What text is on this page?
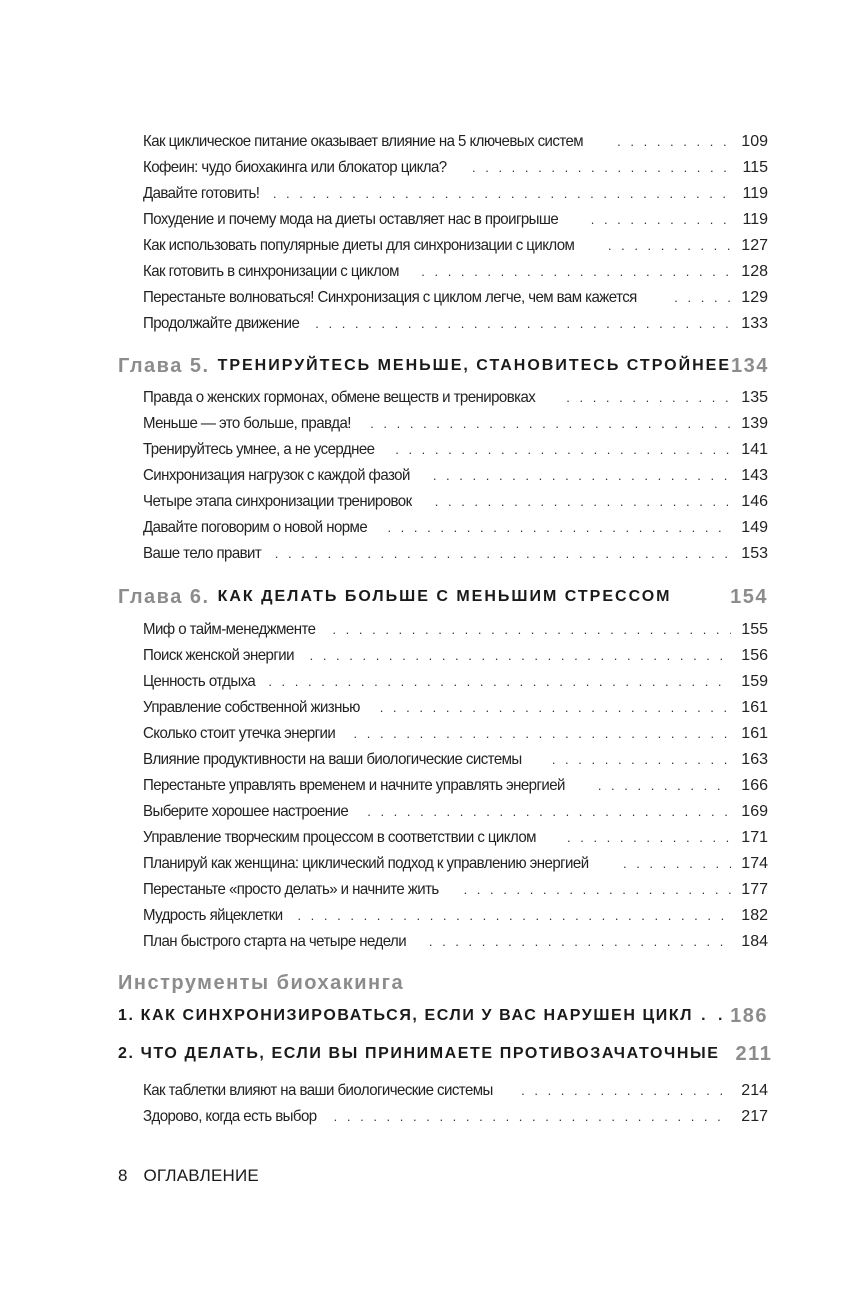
Как циклическое питание оказывает влияние на 5 ключевых систем . . .	109
Кофеин: чудо биохакинга или блокатор цикла? . . .	115
Давайте готовить! . . .	119
Похудение и почему мода на диеты оставляет нас в проигрыше . . .	119
Как использовать популярные диеты для синхронизации с циклом . . .	127
Как готовить в синхронизации с циклом . . .	128
Перестаньте волноваться! Синхронизация с циклом легче, чем вам кажется . . .	129
Продолжайте движение . . .	133
Глава 5. ТРЕНИРУЙТЕСЬ МЕНЬШЕ, СТАНОВИТЕСЬ СТРОЙНЕЕ 134
Правда о женских гормонах, обмене веществ и тренировках . . .	135
Меньше — это больше, правда! . . .	139
Тренируйтесь умнее, а не усерднее . . .	141
Синхронизация нагрузок с каждой фазой . . .	143
Четыре этапа синхронизации тренировок . . .	146
Давайте поговорим о новой норме . . .	149
Ваше тело правит . . .	153
Глава 6. КАК ДЕЛАТЬ БОЛЬШЕ С МЕНЬШИМ СТРЕССОМ	154
Миф о тайм-менеджменте . . .	155
Поиск женской энергии . . .	156
Ценность отдыха . . .	159
Управление собственной жизнью . . .	161
Сколько стоит утечка энергии . . .	161
Влияние продуктивности на ваши биологические системы . . .	163
Перестаньте управлять временем и начните управлять энергией . . .	166
Выберите хорошее настроение . . .	169
Управление творческим процессом в соответствии с циклом . . .	171
Планируй как женщина: циклический подход к управлению энергией . . .	174
Перестаньте «просто делать» и начните жить . . .	177
Мудрость яйцеклетки . . .	182
План быстрого старта на четыре недели . . .	184
Инструменты биохакинга
1. КАК СИНХРОНИЗИРОВАТЬСЯ, ЕСЛИ У ВАС НАРУШЕН ЦИКЛ . . . 186
2. ЧТО ДЕЛАТЬ, ЕСЛИ ВЫ ПРИНИМАЕТЕ ПРОТИВОЗАЧАТОЧНЫЕ 211
Как таблетки влияют на ваши биологические системы . . .	214
Здорово, когда есть выбор . . .	217
8 ОГЛАВЛЕНИЕ
